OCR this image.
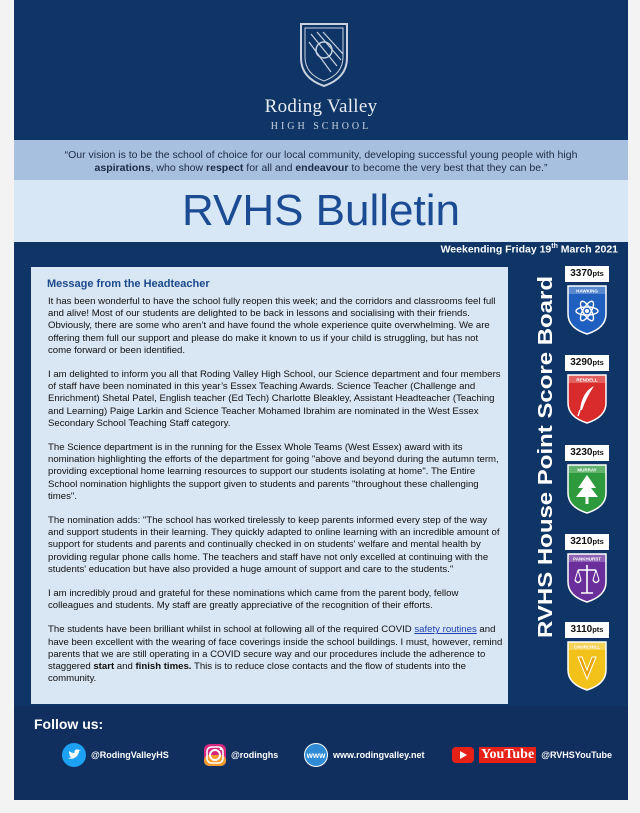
Roding Valley
HIGH SCHOOL
“Our vision is to be the school of choice for our local community, developing successful young people with high aspirations, who show respect for all and endeavour to become the very best that they can be.”
RVHS Bulletin
Weekending Friday 19th March 2021
Message from the Headteacher

It has been wonderful to have the school fully reopen this week; and the corridors and classrooms feel full and alive! Most of our students are delighted to be back in lessons and socialising with their friends. Obviously, there are some who aren’t and have found the whole experience quite overwhelming. We are offering them full our support and please do make it known to us if your child is struggling, but has not come forward or been identified.

I am delighted to inform you all that Roding Valley High School, our Science department and four members of staff have been nominated in this year’s Essex Teaching Awards. Science Teacher (Challenge and Enrichment) Shetal Patel, English teacher (Ed Tech) Charlotte Bleakley, Assistant Headteacher (Teaching and Learning) Paige Larkin and Science Teacher Mohamed Ibrahim are nominated in the West Essex Secondary School Teaching Staff category.

The Science department is in the running for the Essex Whole Teams (West Essex) award with its nomination highlighting the efforts of the department for going "above and beyond during the autumn term, providing exceptional home learning resources to support our students isolating at home". The Entire School nomination highlights the support given to students and parents "throughout these challenging times".

The nomination adds: "The school has worked tirelessly to keep parents informed every step of the way and support students in their learning. They quickly adapted to online learning with an incredible amount of support for students and parents and continually checked in on students' welfare and mental health by providing regular phone calls home. The teachers and staff have not only excelled at continuing with the students' education but have also provided a huge amount of support and care to the students."

I am incredibly proud and grateful for these nominations which came from the parent body, fellow colleagues and students. My staff are greatly appreciative of the recognition of their efforts.

The students have been brilliant whilst in school at following all of the required COVID safety routines and have been excellent with the wearing of face coverings inside the school buildings. I must, however, remind parents that we are still operating in a COVID secure way and our procedures include the adherence to staggered start and finish times. This is to reduce close contacts and the flow of students into the community.

RVHS House Point Score Board
3370pts
HAWKING
3290pts
RENDELL
3230pts
MURRAY
3210pts
PANKHURST
3110pts
CHURCHILL
Follow us:
@RodingValleyHS	@rodinghs	www www.rodingvalley.net	YouTube @RVHSYouTube
